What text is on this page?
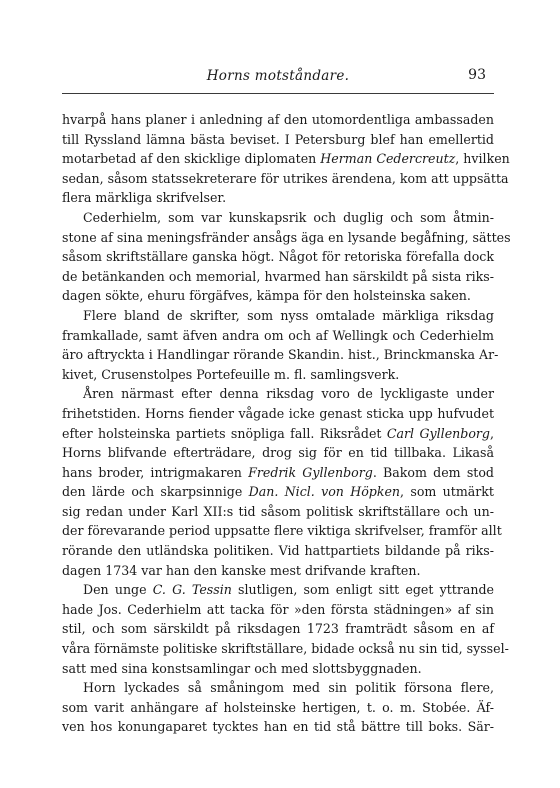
Horns motståndare.	93
hvarpå hans planer i anledning af den utomordentliga ambassaden
till Ryssland lämna bästa beviset. I Petersburg blef han emellertid
motarbetad af den skicklige diplomaten Herman Cedercreutz, hvilken
sedan, såsom statssekreterare för utrikes ärendena, kom att uppsätta
flera märkliga skrifvelser.
Cederhielm, som var kunskapsrik och duglig och som åtmin-
stone af sina meningsfränder ansågs äga en lysande begåfning, sättes
såsom skriftställare ganska högt. Något för retoriska förefalla dock
de betänkanden och memorial, hvarmed han särskildt på sista riks-
dagen sökte, ehuru förgäfves, kämpa för den holsteinska saken.
Flere bland de skrifter, som nyss omtalade märkliga riksdag
framkallade, samt äfven andra om och af Wellingk och Cederhielm
äro aftryckta i Handlingar rörande Skandin. hist., Brinckmanska Ar-
kivet, Crusenstolpes Portefeuille m. fl. samlingsverk.
Åren närmast efter denna riksdag voro de lyckligaste under
frihetstiden. Horns fiender vågade icke genast sticka upp hufvudet
efter holsteinska partiets snöpliga fall. Riksrådet Carl Gyllenborg,
Horns blifvande efterträdare, drog sig för en tid tillbaka. Likaså
hans broder, intrigmakaren Fredrik Gyllenborg. Bakom dem stod
den lärde och skarpsinnige Dan. Nicl. von Höpken, som utmärkt
sig redan under Karl XII:s tid såsom politisk skriftställare och un-
der förevarande period uppsatte flere viktiga skrifvelser, framför allt
rörande den utländska politiken. Vid hattpartiets bildande på riks-
dagen 1734 var han den kanske mest drifvande kraften.
Den unge C. G. Tessin slutligen, som enligt sitt eget yttrande
hade Jos. Cederhielm att tacka för »den första städningen» af sin
stil, och som särskildt på riksdagen 1723 framträdt såsom en af
våra förnämste politiske skriftställare, bidade också nu sin tid, syssel-
satt med sina konstsamlingar och med slottsbyggnaden.
Horn lyckades så småningom med sin politik försona flere,
som varit anhängare af holsteinske hertigen, t. o. m. Stobée. Äf-
ven hos konungaparet tycktes han en tid stå bättre till boks. Sär-
